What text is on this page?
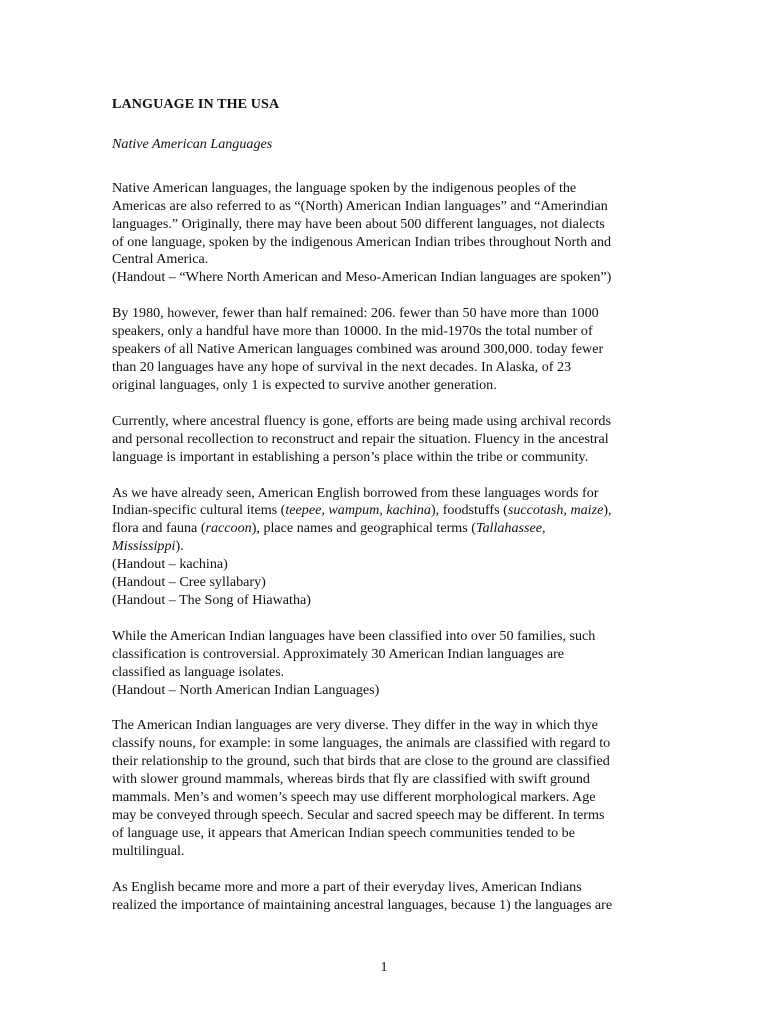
LANGUAGE IN THE USA
Native American Languages
Native American languages, the language spoken by the indigenous peoples of the
Americas are also referred to as “(North) American Indian languages” and “Amerindian
languages.” Originally, there may have been about 500 different languages, not dialects
of one language, spoken by the indigenous American Indian tribes throughout North and
Central America.
(Handout – “Where North American and Meso-American Indian languages are spoken”)
By 1980, however, fewer than half remained: 206. fewer than 50 have more than 1000
speakers, only a handful have more than 10000. In the mid-1970s the total number of
speakers of all Native American languages combined was around 300,000. today fewer
than 20 languages have any hope of survival in the next decades. In Alaska, of 23
original languages, only 1 is expected to survive another generation.
Currently, where ancestral fluency is gone, efforts are being made using archival records
and personal recollection to reconstruct and repair the situation. Fluency in the ancestral
language is important in establishing a person’s place within the tribe or community.
As we have already seen, American English borrowed from these languages words for
Indian-specific cultural items (teepee, wampum, kachina), foodstuffs (succotash, maize),
flora and fauna (raccoon), place names and geographical terms (Tallahassee,
Mississippi).
(Handout – kachina)
(Handout – Cree syllabary)
(Handout – The Song of Hiawatha)
While the American Indian languages have been classified into over 50 families, such
classification is controversial. Approximately 30 American Indian languages are
classified as language isolates.
(Handout – North American Indian Languages)
The American Indian languages are very diverse. They differ in the way in which thye
classify nouns, for example: in some languages, the animals are classified with regard to
their relationship to the ground, such that birds that are close to the ground are classified
with slower ground mammals, whereas birds that fly are classified with swift ground
mammals. Men’s and women’s speech may use different morphological markers. Age
may be conveyed through speech. Secular and sacred speech may be different. In terms
of language use, it appears that American Indian speech communities tended to be
multilingual.
As English became more and more a part of their everyday lives, American Indians
realized the importance of maintaining ancestral languages, because 1) the languages are
1
